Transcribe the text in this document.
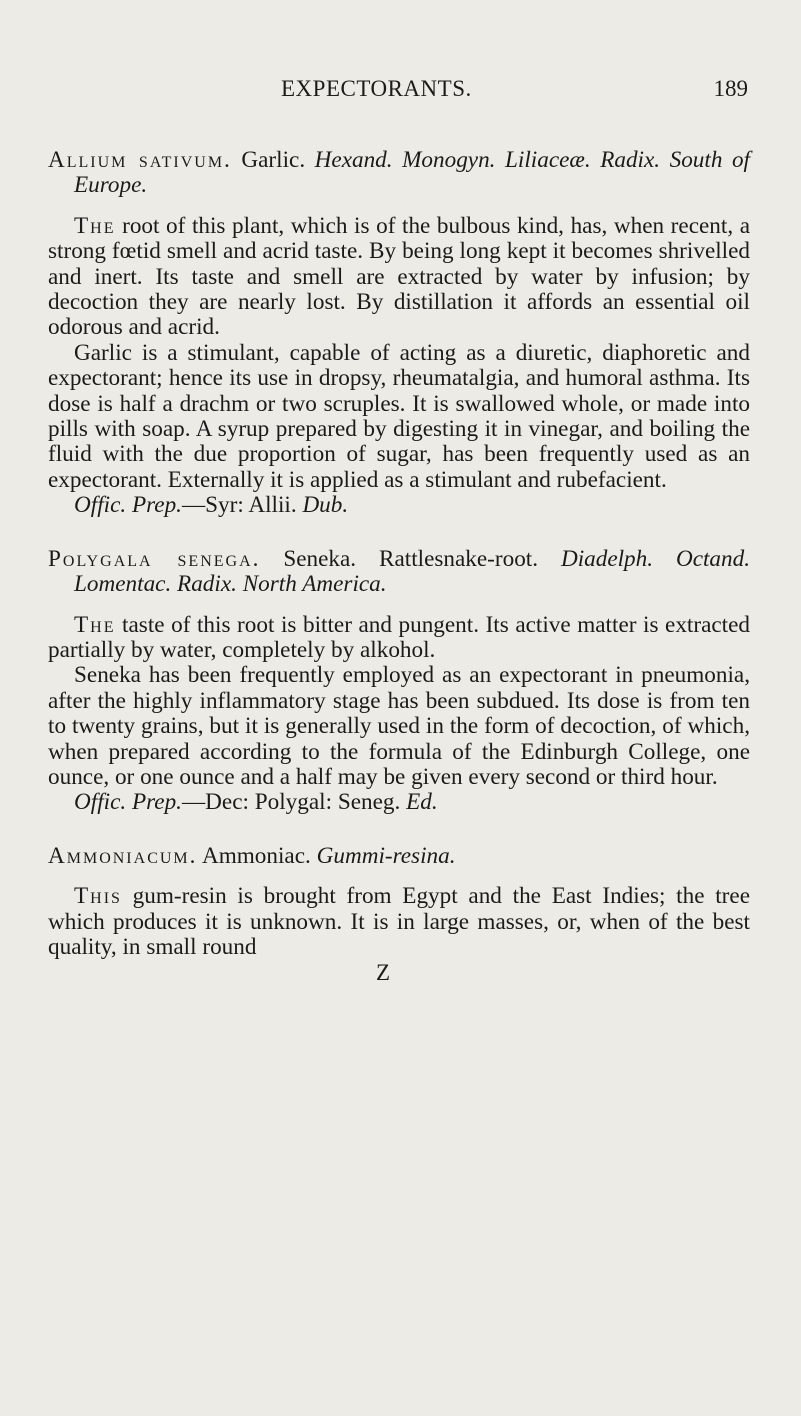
EXPECTORANTS.	189

Allium sativum. Garlic. Hexand. Monogyn. Liliaceæ. Radix. South of Europe.

The root of this plant, which is of the bulbous kind, has, when recent, a strong fœtid smell and acrid taste. By being long kept it becomes shrivelled and inert. Its taste and smell are extracted by water by infusion; by decoction they are nearly lost. By distillation it affords an essential oil odorous and acrid.

Garlic is a stimulant, capable of acting as a diuretic, diaphoretic and expectorant; hence its use in dropsy, rheumatalgia, and humoral asthma. Its dose is half a drachm or two scruples. It is swallowed whole, or made into pills with soap. A syrup prepared by digesting it in vinegar, and boiling the fluid with the due proportion of sugar, has been frequently used as an expectorant. Externally it is applied as a stimulant and rubefacient.

Offic. Prep.—Syr: Allii. Dub.

Polygala senega. Seneka. Rattlesnake-root. Diadelph. Octand. Lomentac. Radix. North America.

The taste of this root is bitter and pungent. Its active matter is extracted partially by water, completely by alkohol.

Seneka has been frequently employed as an expectorant in pneumonia, after the highly inflammatory stage has been subdued. Its dose is from ten to twenty grains, but it is generally used in the form of decoction, of which, when prepared according to the formula of the Edinburgh College, one ounce, or one ounce and a half may be given every second or third hour.

Offic. Prep.—Dec: Polygal: Seneg. Ed.

Ammoniacum. Ammoniac. Gummi-resina.

This gum-resin is brought from Egypt and the East Indies; the tree which produces it is unknown. It is in large masses, or, when of the best quality, in small round

Z
